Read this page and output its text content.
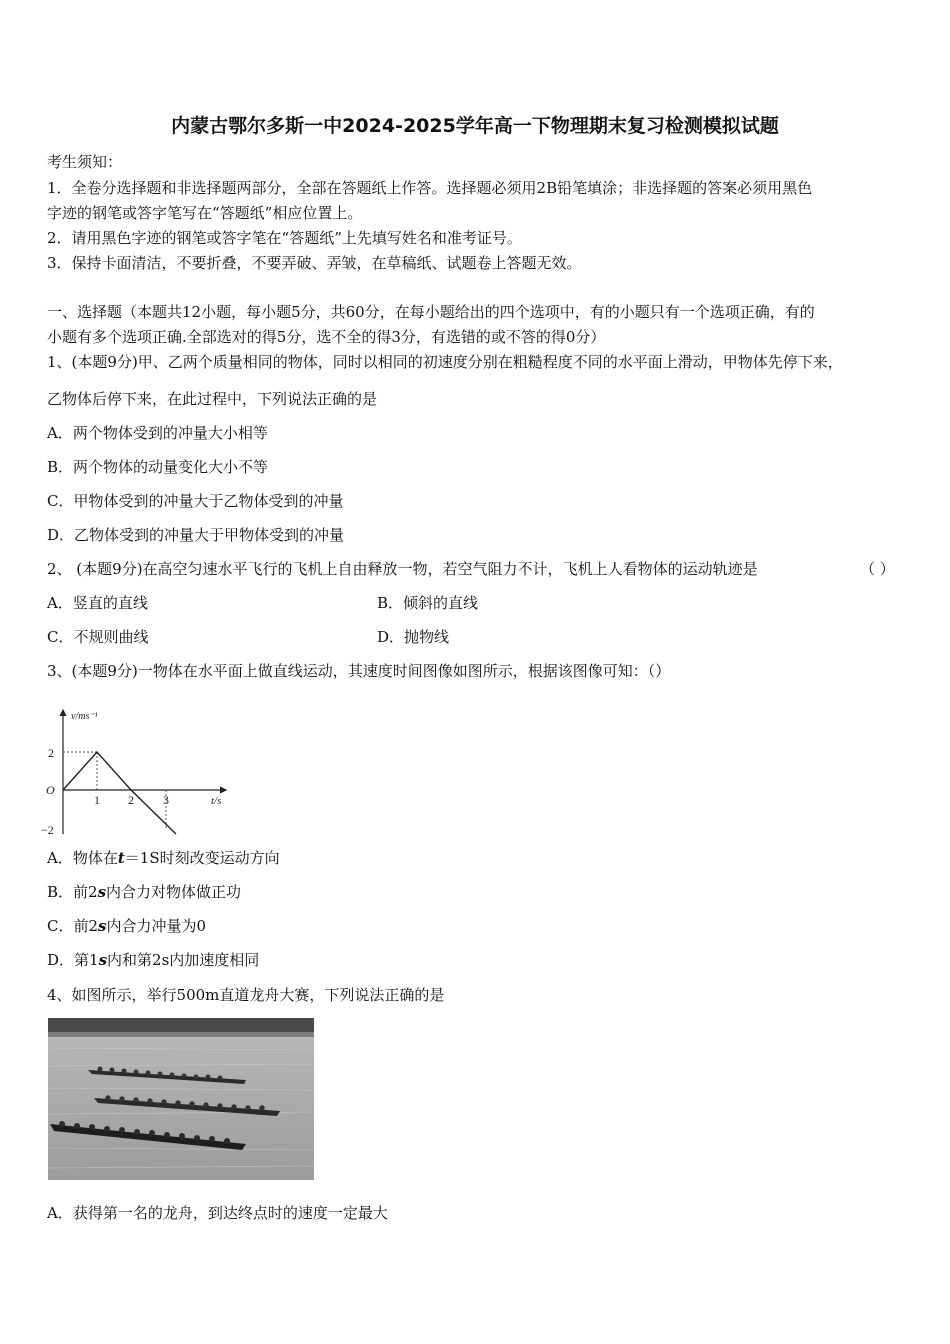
内蒙古鄂尔多斯一中2024-2025学年高一下物理期末复习检测模拟试题
考生须知：
1．全卷分选择题和非选择题两部分，全部在答题纸上作答。选择题必须用2B铅笔填涂；非选择题的答案必须用黑色
字迹的钢笔或答字笔写在“答题纸”相应位置上。
2．请用黑色字迹的钢笔或答字笔在“答题纸”上先填写姓名和准考证号。
3．保持卡面清洁，不要折叠，不要弄破、弄皱，在草稿纸、试题卷上答题无效。
一、选择题（本题共12小题，每小题5分，共60分，在每小题给出的四个选项中，有的小题只有一个选项正确，有的
小题有多个选项正确.全部选对的得5分，选不全的得3分，有选错的或不答的得0分）
1、(本题9分)甲、乙两个质量相同的物体，同时以相同的初速度分别在粗糙程度不同的水平面上滑动，甲物体先停下来，
乙物体后停下来，在此过程中，下列说法正确的是
A．两个物体受到的冲量大小相等
B．两个物体的动量变化大小不等
C．甲物体受到的冲量大于乙物体受到的冲量
D．乙物体受到的冲量大于甲物体受到的冲量
2、 (本题9分)在高空匀速水平飞行的飞机上自由释放一物，若空气阻力不计，飞机上人看物体的运动轨迹是	（ ）
A．竖直的直线	B．倾斜的直线
C．不规则曲线	D．抛物线
3、(本题9分)一物体在水平面上做直线运动，其速度时间图像如图所示，根据该图像可知：（）
v/ms⁻¹
t/s
O
2
−2
1 2 3
A．物体在t＝1S时刻改变运动方向
B．前2s内合力对物体做正功
C．前2s内合力冲量为0
D．第1s内和第2s内加速度相同
4、如图所示，举行500m直道龙舟大赛，下列说法正确的是
A．获得第一名的龙舟，到达终点时的速度一定最大
